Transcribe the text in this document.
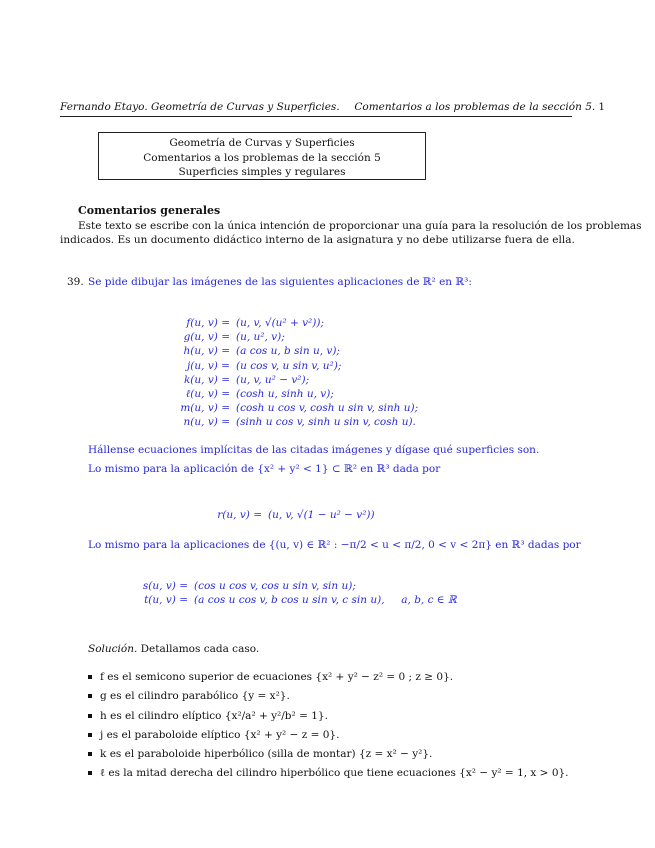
Fernando Etayo. Geometría de Curvas y Superficies. Comentarios a los problemas de la sección 5. 1
Geometría de Curvas y Superficies
Comentarios a los problemas de la sección 5
Superficies simples y regulares
Comentarios generales
Este texto se escribe con la única intención de proporcionar una guía para la resolución de los problemas
indicados. Es un documento didáctico interno de la asignatura y no debe utilizarse fuera de ella.
39. Se pide dibujar las imágenes de las siguientes aplicaciones de ℝ² en ℝ³:
f(u, v) = (u, v, √(u² + v²));
g(u, v) = (u, u², v);
h(u, v) = (a cos u, b sin u, v);
j(u, v) = (u cos v, u sin v, u²);
k(u, v) = (u, v, u² − v²);
ℓ(u, v) = (cosh u, sinh u, v);
m(u, v) = (cosh u cos v, cosh u sin v, sinh u);
n(u, v) = (sinh u cos v, sinh u sin v, cosh u).
Hállense ecuaciones implícitas de las citadas imágenes y dígase qué superficies son.
Lo mismo para la aplicación de {x² + y² < 1} ⊂ ℝ² en ℝ³ dada por
r(u, v) = (u, v, √(1 − u² − v²))
Lo mismo para la aplicaciones de {(u, v) ∈ ℝ² : −π/2 < u < π/2, 0 < v < 2π} en ℝ³ dadas por
s(u, v) = (cos u cos v, cos u sin v, sin u);
t(u, v) = (a cos u cos v, b cos u sin v, c sin u),     a, b, c ∈ ℝ
Solución. Detallamos cada caso.
f es el semicono superior de ecuaciones {x² + y² − z² = 0 ; z ≥ 0}.
g es el cilindro parabólico {y = x²}.
h es el cilindro elíptico {x²/a² + y²/b² = 1}.
j es el paraboloide elíptico {x² + y² − z = 0}.
k es el paraboloide hiperbólico (silla de montar) {z = x² − y²}.
ℓ es la mitad derecha del cilindro hiperbólico que tiene ecuaciones {x² − y² = 1, x > 0}.
